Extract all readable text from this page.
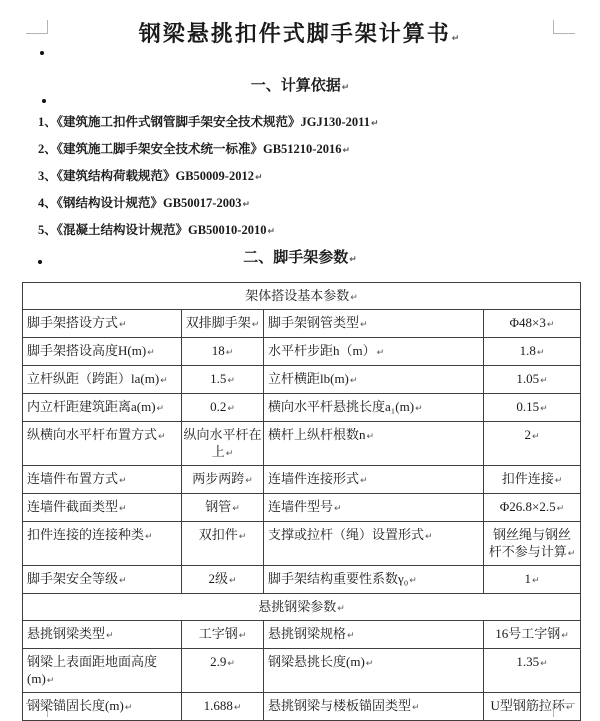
钢梁悬挑扣件式脚手架计算书↵
一、计算依据↵

1、《建筑施工扣件式钢管脚手架安全技术规范》JGJ130-2011↵

2、《建筑施工脚手架安全技术统一标准》GB51210-2016↵

3、《建筑结构荷载规范》GB50009-2012↵

4、《钢结构设计规范》GB50017-2003↵

5、《混凝土结构设计规范》GB50010-2010↵

二、脚手架参数↵
架体搭设基本参数↵			
脚手架搭设方式↵	双排脚手架↵	脚手架钢管类型↵	Φ48×3↵
脚手架搭设高度H(m)↵	18↵	水平杆步距h（m）↵	1.8↵
立杆纵距（跨距）la(m)↵	1.5↵	立杆横距lb(m)↵	1.05↵
内立杆距建筑距离a(m)↵	0.2↵	横向水平杆悬挑长度a₁(m)↵	0.15↵
纵横向水平杆布置方式↵	纵向水平杆在上↵	横杆上纵杆根数n↵	2↵
连墙件布置方式↵	两步两跨↵	连墙件连接形式↵	扣件连接↵
连墙件截面类型↵	钢管↵	连墙件型号↵	Φ26.8×2.5↵
扣件连接的连接种类↵	双扣件↵	支撑或拉杆（绳）设置形式↵	钢丝绳与钢丝杆不参与计算↵
脚手架安全等级↵	2级↵	脚手架结构重要性系数γ₀↵	1↵
悬挑钢梁参数↵			
悬挑钢梁类型↵	工字钢↵	悬挑钢梁规格↵	16号工字钢↵
钢梁上表面距地面高度(m)↵	2.9↵	钢梁悬挑长度(m)↵	1.35↵
钢梁锚固长度(m)↵	1.688↵	悬挑钢梁与楼板锚固类型↵	U型钢筋拉环↵
